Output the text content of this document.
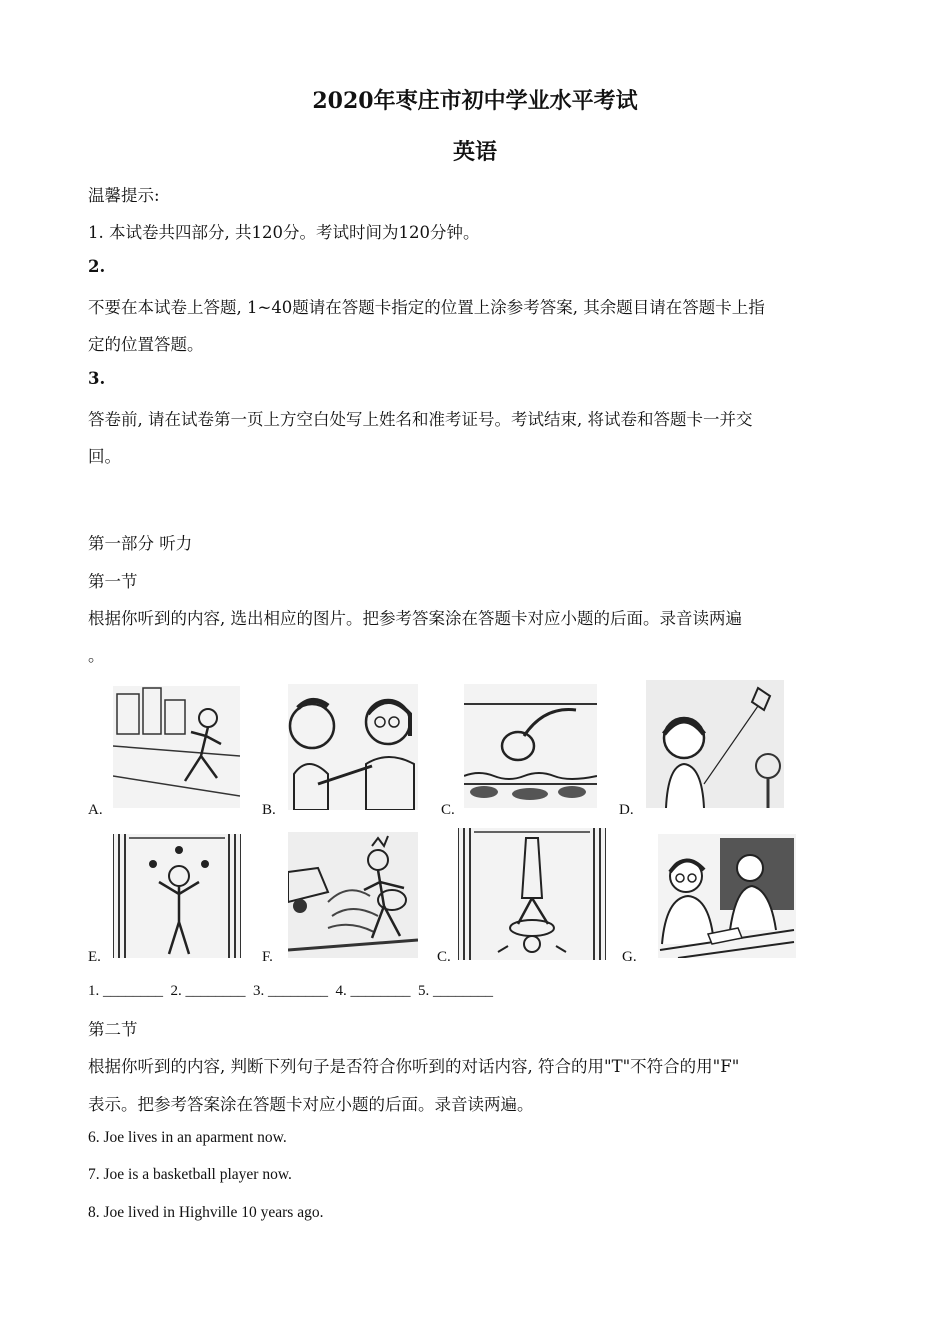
2020年枣庄市初中学业水平考试
英语
温馨提示:
1. 本试卷共四部分, 共120分。考试时间为120分钟。
2.
不要在本试卷上答题, 1~40题请在答题卡指定的位置上涂参考答案, 其余题目请在答题卡上指
定的位置答题。
3.
答卷前, 请在试卷第一页上方空白处写上姓名和准考证号。考试结束, 将试卷和答题卡一并交
回。
第一部分 听力
第一节
根据你听到的内容, 选出相应的图片。把参考答案涂在答题卡对应小题的后面。录音读两遍
。
A.	B.	C.	D.
E.	F.	C.	G.
1. ________  2. ________  3. ________  4. ________  5. ________
第二节
根据你听到的内容, 判断下列句子是否符合你听到的对话内容, 符合的用"T"不符合的用"F"
表示。把参考答案涂在答题卡对应小题的后面。录音读两遍。
6. Joe lives in an aparment now.
7. Joe is a basketball player now.
8. Joe lived in Highville 10 years ago.
